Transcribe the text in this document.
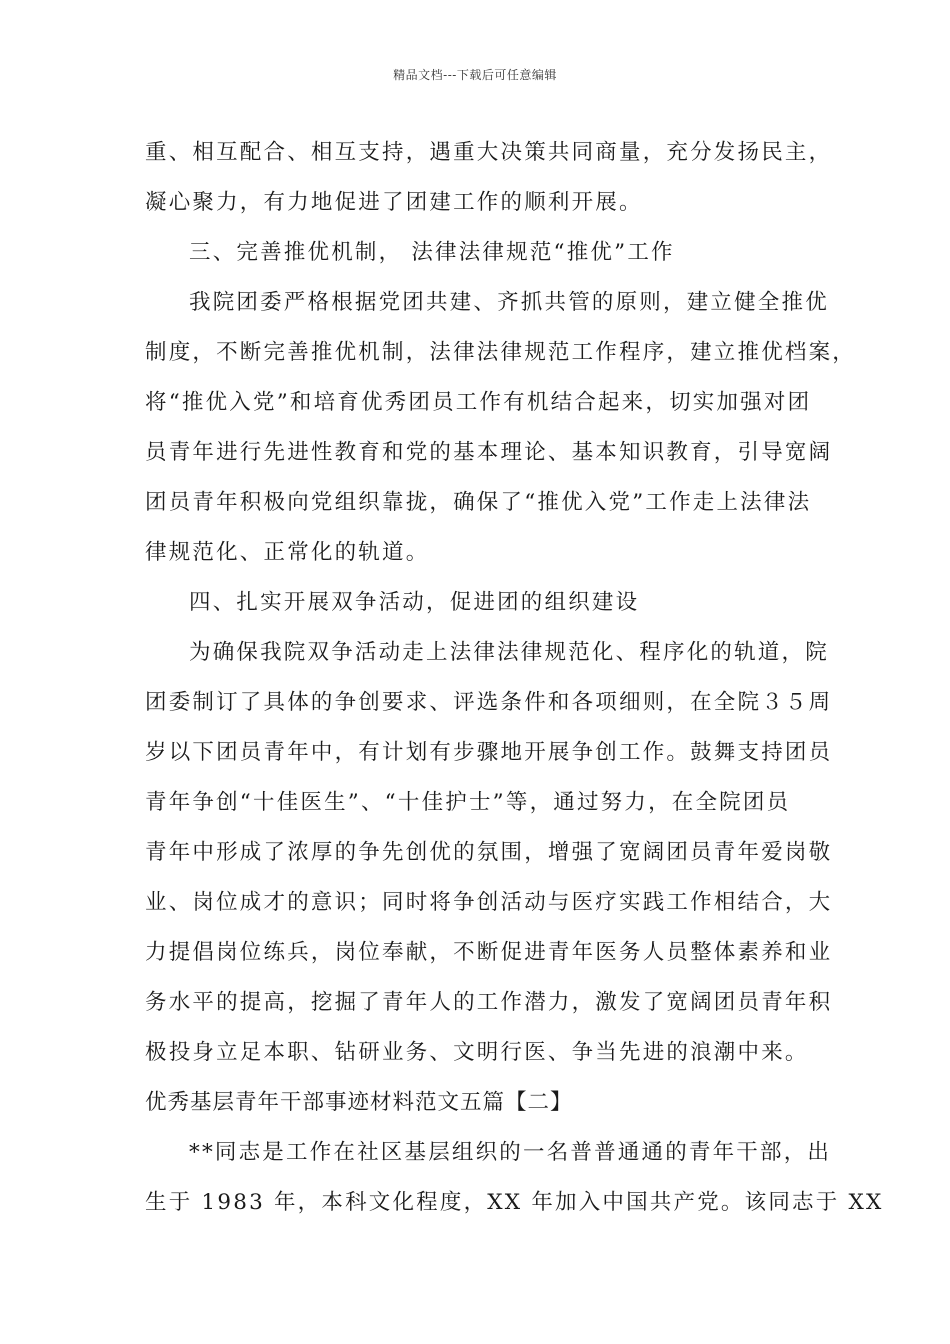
精品文档---下载后可任意编辑

重、相互配合、相互支持，遇重大决策共同商量，充分发扬民主，
凝心聚力，有力地促进了团建工作的顺利开展。

三、完善推优机制， 法律法律规范“推优”工作

我院团委严格根据党团共建、齐抓共管的原则，建立健全推优
制度，不断完善推优机制，法律法律规范工作程序，建立推优档案，
将“推优入党”和培育优秀团员工作有机结合起来，切实加强对团
员青年进行先进性教育和党的基本理论、基本知识教育，引导宽阔
团员青年积极向党组织靠拢，确保了“推优入党”工作走上法律法
律规范化、正常化的轨道。

四、扎实开展双争活动，促进团的组织建设

为确保我院双争活动走上法律法律规范化、程序化的轨道，院
团委制订了具体的争创要求、评选条件和各项细则，在全院３５周
岁以下团员青年中，有计划有步骤地开展争创工作。鼓舞支持团员
青年争创“十佳医生”、“十佳护士”等，通过努力，在全院团员
青年中形成了浓厚的争先创优的氛围，增强了宽阔团员青年爱岗敬
业、岗位成才的意识；同时将争创活动与医疗实践工作相结合，大
力提倡岗位练兵，岗位奉献，不断促进青年医务人员整体素养和业
务水平的提高，挖掘了青年人的工作潜力，激发了宽阔团员青年积
极投身立足本职、钻研业务、文明行医、争当先进的浪潮中来。

优秀基层青年干部事迹材料范文五篇【二】

**同志是工作在社区基层组织的一名普普通通的青年干部，出
生于 1983 年，本科文化程度，XX 年加入中国共产党。该同志于 XX
